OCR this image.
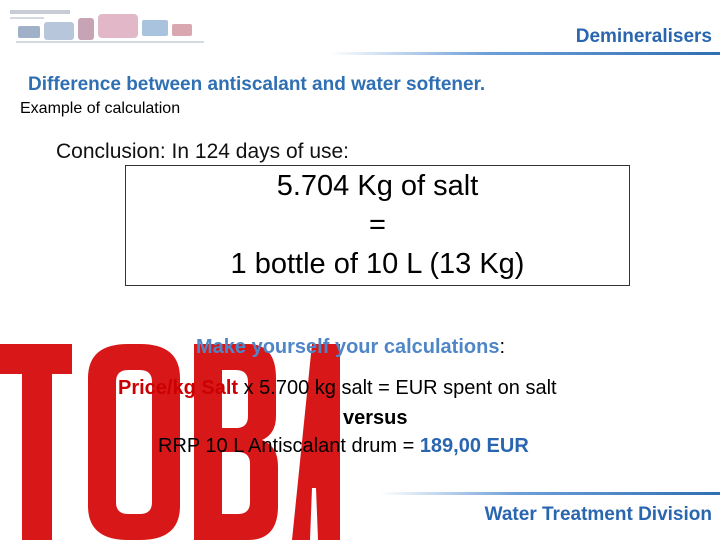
Demineralisers
Difference between antiscalant and water softener.
Example of calculation
Conclusion: In 124 days of use:
5.704 Kg of salt
=
1 bottle of 10 L (13 Kg)
Make yourself your calculations:
Price/kg Salt x 5.700 kg salt = EUR spent on salt
versus
RRP 10 L Antiscalant drum = 189,00 EUR
Water Treatment Division
